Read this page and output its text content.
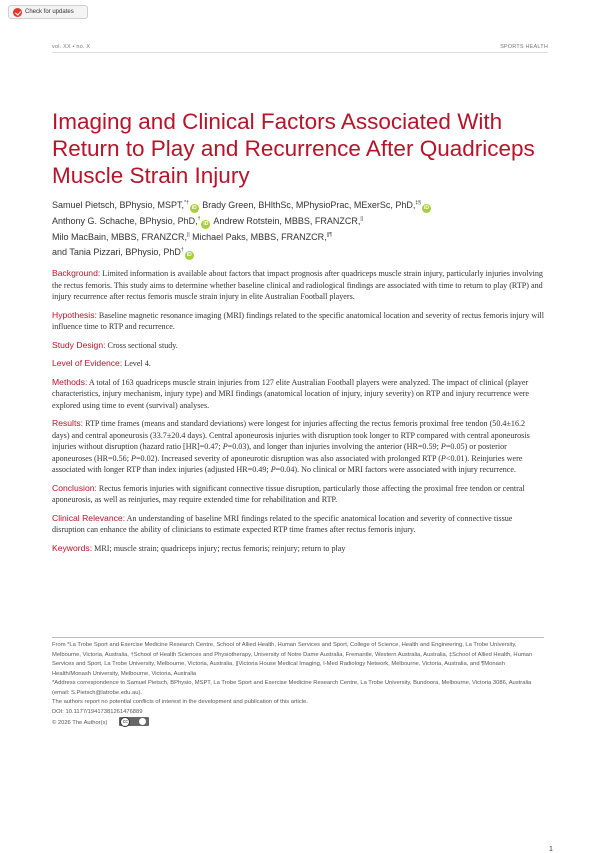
Check for updates
vol. XX • no. X	SPORTS HEALTH
Imaging and Clinical Factors Associated With Return to Play and Recurrence After Quadriceps Muscle Strain Injury
Samuel Pietsch, BPhysio, MSPT,*†iD Brady Green, BHlthSc, MPhysioPrac, MExerSc, PhD,‡§iD
Anthony G. Schache, BPhysio, PhD,†iD Andrew Rotstein, MBBS, FRANZCR,||
Milo MacBain, MBBS, FRANZCR,|| Michael Paks, MBBS, FRANZCR,||¶
and Tania Pizzari, BPhysio, PhD†iD

Background: Limited information is available about factors that impact prognosis after quadriceps muscle strain injury, particularly injuries involving the rectus femoris. This study aims to determine whether baseline clinical and radiological findings are associated with time to return to play (RTP) and injury recurrence after rectus femoris muscle strain injury in elite Australian Football players.

Hypothesis: Baseline magnetic resonance imaging (MRI) findings related to the specific anatomical location and severity of rectus femoris injury will influence time to RTP and recurrence.

Study Design: Cross sectional study.

Level of Evidence: Level 4.

Methods: A total of 163 quadriceps muscle strain injuries from 127 elite Australian Football players were analyzed. The impact of clinical (player characteristics, injury mechanism, injury type) and MRI findings (anatomical location of injury, injury severity) on RTP and injury recurrence were explored using time to event (survival) analyses.

Results: RTP time frames (means and standard deviations) were longest for injuries affecting the rectus femoris proximal free tendon (50.4±16.2 days) and central aponeurosis (33.7±20.4 days). Central aponeurosis injuries with disruption took longer to RTP compared with central aponeurosis injuries without disruption (hazard ratio [HR]=0.47; P=0.03), and longer than injuries involving the anterior (HR=0.59; P=0.05) or posterior aponeuroses (HR=0.56; P=0.02). Increased severity of aponeurotic disruption was also associated with prolonged RTP (P<0.01). Reinjuries were associated with longer RTP than index injuries (adjusted HR=0.49; P=0.04). No clinical or MRI factors were associated with injury recurrence.

Conclusion: Rectus femoris injuries with significant connective tissue disruption, particularly those affecting the proximal free tendon or central aponeurosis, as well as reinjuries, may require extended time for rehabilitation and RTP.

Clinical Relevance: An understanding of baseline MRI findings related to the specific anatomical location and severity of connective tissue disruption can enhance the ability of clinicians to estimate expected RTP time frames after rectus femoris injury.

Keywords: MRI; muscle strain; quadriceps injury; rectus femoris; reinjury; return to play

From *La Trobe Sport and Exercise Medicine Research Centre, School of Allied Health, Human Services and Sport, College of Science, Health and Engineering, La Trobe University, Melbourne, Victoria, Australia, †School of Health Sciences and Physiotherapy, University of Notre Dame Australia, Fremantle, Western Australia, Australia, ‡School of Allied Health, Human Services and Sport, La Trobe University, Melbourne, Victoria, Australia, ||Victoria House Medical Imaging, I-Med Radiology Network, Melbourne, Victoria, Australia, and ¶Monash Health/Monash University, Melbourne, Victoria, Australia

*Address correspondence to Samuel Pietsch, BPhysio, MSPT, La Trobe Sport and Exercise Medicine Research Centre, La Trobe University, Bundoora, Melbourne, Victoria 3086, Australia (email: S.Pietsch@latrobe.edu.au).

The authors report no potential conflicts of interest in the development and publication of this article.

DOI: 10.1177/19417381261476889

© 2026 The Author(s)cc

1
